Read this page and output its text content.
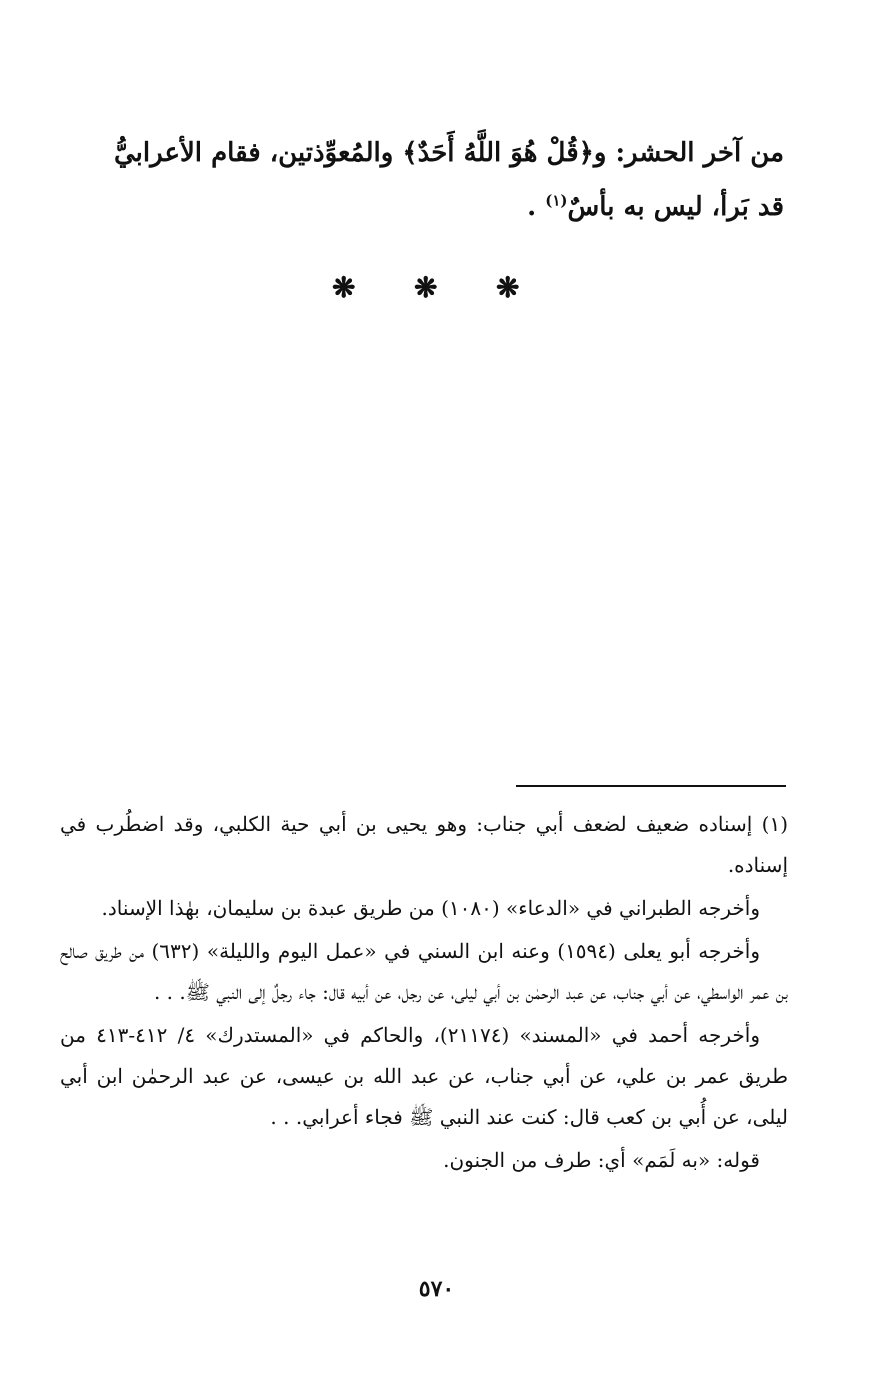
من آخر الحشر: و﴿قُلْ هُوَ اللَّهُ أَحَدٌ﴾ والمُعوِّذتين، فقام الأعرابيُّ

قد بَرأ، ليس به بأسٌ$^{(١)}$ .

❋ ❋ ❋

(١) إسناده ضعيف لضعف أبي جناب: وهو يحيى بن أبي حية الكلبي، وقد اضطُرب في إسناده.

وأخرجه الطبراني في «الدعاء» (١٠٨٠) من طريق عبدة بن سليمان، بهٰذا الإسناد.

وأخرجه أبو يعلى (١٥٩٤) وعنه ابن السني في «عمل اليوم والليلة» (٦٣٢) من طريق صالح بن عمر الواسطي، عن أبي جناب، عن عبد الرحمٰن بن أبي ليلى، عن رجل، عن أبيه قال: جاء رجلٌ إلى النبي ﷺ. . .

وأخرجه أحمد في «المسند» (٢١١٧٤)، والحاكم في «المستدرك» ٤/ ٤١٢-٤١٣ من طريق عمر بن علي، عن أبي جناب، عن عبد الله بن عيسى، عن عبد الرحمٰن ابن أبي ليلى، عن أُبي بن كعب قال: كنت عند النبي ﷺ فجاء أعرابي. . .

قوله: «به لَمَم» أي: طرف من الجنون.

٥٧٠
